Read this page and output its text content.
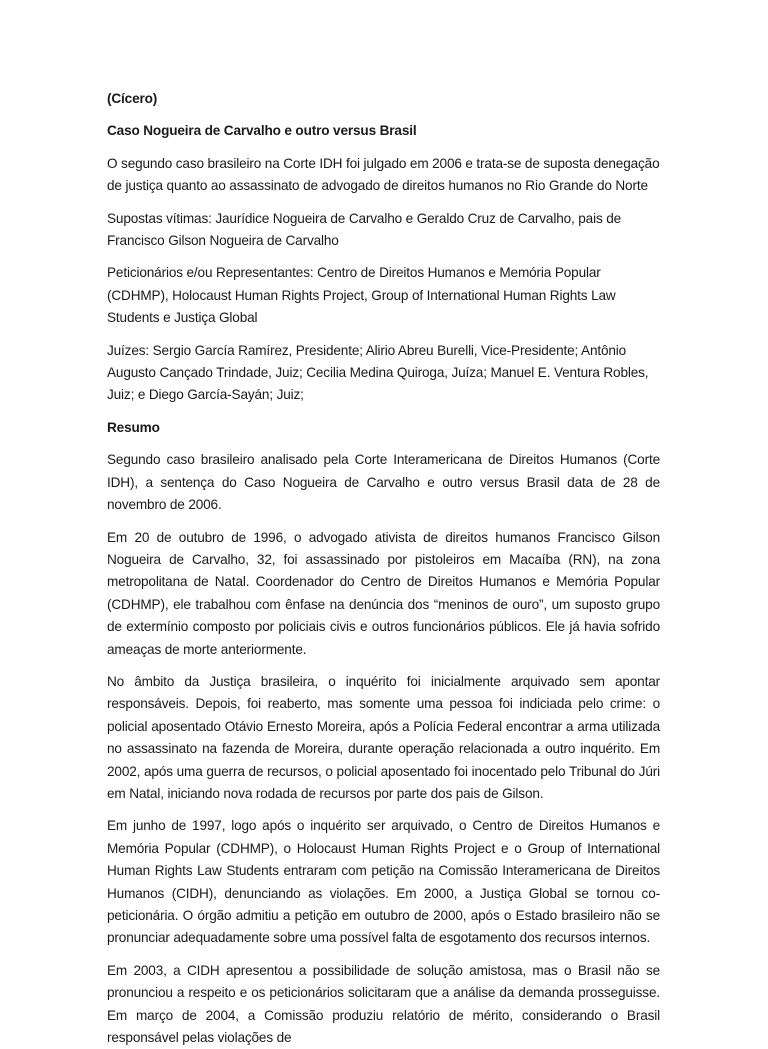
(Cícero)

Caso Nogueira de Carvalho e outro versus Brasil

O segundo caso brasileiro na Corte IDH foi julgado em 2006 e trata-se de suposta denegação de justiça quanto ao assassinato de advogado de direitos humanos no Rio Grande do Norte

Supostas vítimas: Jaurídice Nogueira de Carvalho e Geraldo Cruz de Carvalho, pais de Francisco Gilson Nogueira de Carvalho

Peticionários e/ou Representantes: Centro de Direitos Humanos e Memória Popular (CDHMP), Holocaust Human Rights Project, Group of International Human Rights Law Students e Justiça Global

Juízes: Sergio García Ramírez, Presidente; Alirio Abreu Burelli, Vice-Presidente; Antônio Augusto Cançado Trindade, Juiz; Cecilia Medina Quiroga, Juíza; Manuel E. Ventura Robles, Juiz; e Diego García-Sayán; Juiz;

Resumo

Segundo caso brasileiro analisado pela Corte Interamericana de Direitos Humanos (Corte IDH), a sentença do Caso Nogueira de Carvalho e outro versus Brasil data de 28 de novembro de 2006.

Em 20 de outubro de 1996, o advogado ativista de direitos humanos Francisco Gilson Nogueira de Carvalho, 32, foi assassinado por pistoleiros em Macaíba (RN), na zona metropolitana de Natal. Coordenador do Centro de Direitos Humanos e Memória Popular (CDHMP), ele trabalhou com ênfase na denúncia dos “meninos de ouro”, um suposto grupo de extermínio composto por policiais civis e outros funcionários públicos. Ele já havia sofrido ameaças de morte anteriormente.

No âmbito da Justiça brasileira, o inquérito foi inicialmente arquivado sem apontar responsáveis. Depois, foi reaberto, mas somente uma pessoa foi indiciada pelo crime: o policial aposentado Otávio Ernesto Moreira, após a Polícia Federal encontrar a arma utilizada no assassinato na fazenda de Moreira, durante operação relacionada a outro inquérito. Em 2002, após uma guerra de recursos, o policial aposentado foi inocentado pelo Tribunal do Júri em Natal, iniciando nova rodada de recursos por parte dos pais de Gilson.

Em junho de 1997, logo após o inquérito ser arquivado, o Centro de Direitos Humanos e Memória Popular (CDHMP), o Holocaust Human Rights Project e o Group of International Human Rights Law Students entraram com petição na Comissão Interamericana de Direitos Humanos (CIDH), denunciando as violações. Em 2000, a Justiça Global se tornou co-peticionária. O órgão admitiu a petição em outubro de 2000, após o Estado brasileiro não se pronunciar adequadamente sobre uma possível falta de esgotamento dos recursos internos.

Em 2003, a CIDH apresentou a possibilidade de solução amistosa, mas o Brasil não se pronunciou a respeito e os peticionários solicitaram que a análise da demanda prosseguisse. Em março de 2004, a Comissão produziu relatório de mérito, considerando o Brasil responsável pelas violações de
